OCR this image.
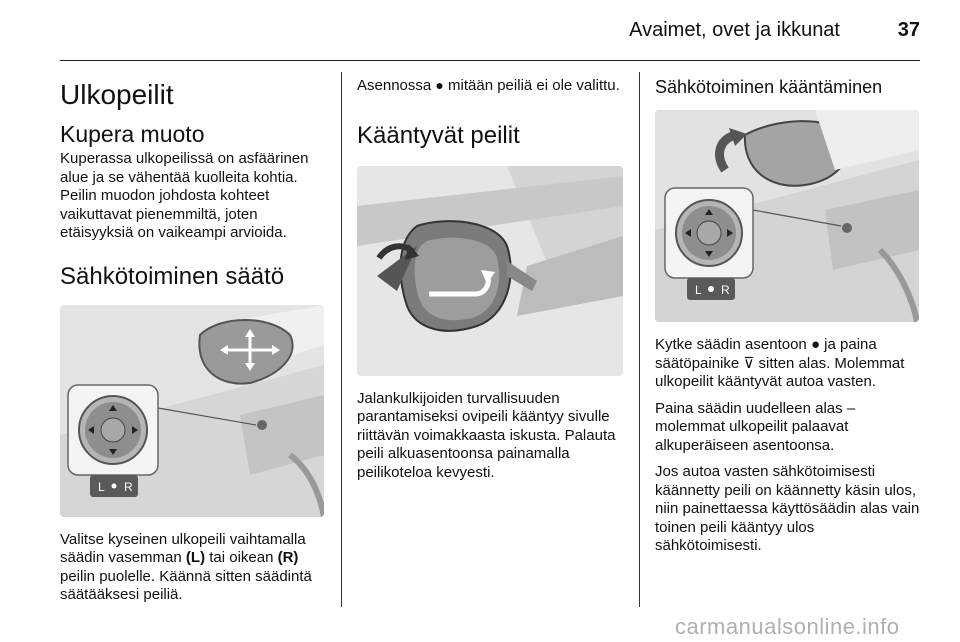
Avaimet, ovet ja ikkunat	37
Ulkopeilit
Kupera muoto

Kuperassa ulkopeilissä on asfäärinen alue ja se vähentää kuolleita kohtia. Peilin muodon johdosta kohteet vaikuttavat pienemmiltä, joten etäisyyksiä on vaikeampi arvioida.

Sähkötoiminen säätö
L R

Valitse kyseinen ulkopeili vaihtamalla säädin vasemman (L) tai oikean (R) peilin puolelle. Käännä sitten säädintä säätääksesi peiliä.

Asennossa ● mitään peiliä ei ole valittu.

Kääntyvät peilit

Jalankulkijoiden turvallisuuden parantamiseksi ovipeili kääntyy sivulle riittävän voimakkaasta iskusta. Palauta peili alkuasentoonsa painamalla peilikoteloa kevyesti.

Sähkötoiminen kääntäminen
L R

Kytke säädin asentoon ● ja paina säätöpainike ⊽ sitten alas. Molemmat ulkopeilit kääntyvät autoa vasten.

Paina säädin uudelleen alas – molemmat ulkopeilit palaavat alkuperäiseen asentoonsa.

Jos autoa vasten sähkötoimisesti käännetty peili on käännetty käsin ulos, niin painettaessa käyttösäädin alas vain toinen peili kääntyy ulos sähkötoimisesti.

carmanualsonline.info
